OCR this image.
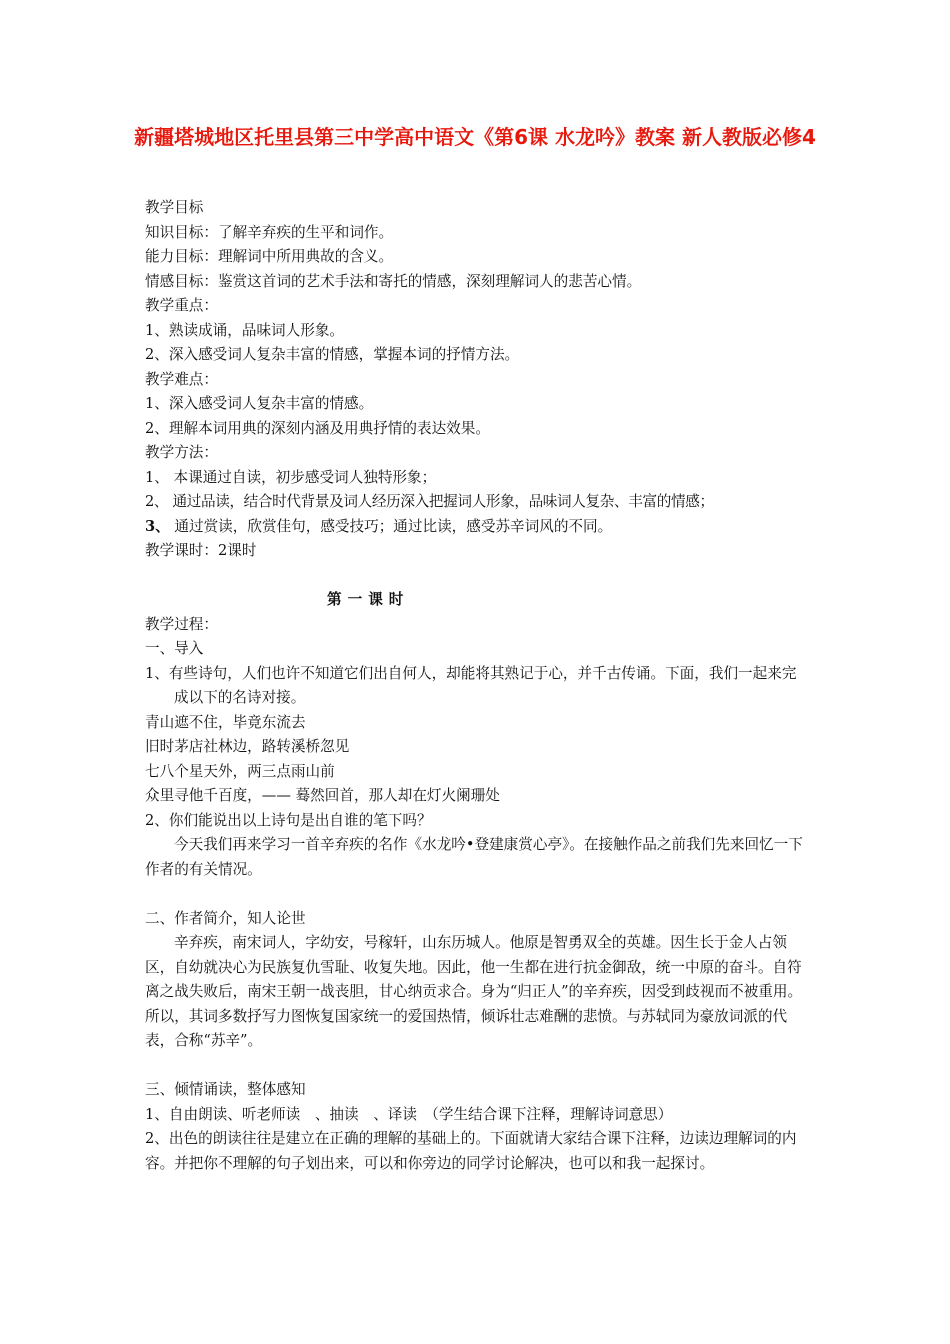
新疆塔城地区托里县第三中学高中语文《第6课 水龙吟》教案 新人教版必修4
教学目标
知识目标：了解辛弃疾的生平和词作。
能力目标：理解词中所用典故的含义。
情感目标：鉴赏这首词的艺术手法和寄托的情感，深刻理解词人的悲苦心情。
教学重点：
1、熟读成诵，品味词人形象。
2、深入感受词人复杂丰富的情感，掌握本词的抒情方法。
教学难点：
1、深入感受词人复杂丰富的情感。
2、理解本词用典的深刻内涵及用典抒情的表达效果。
教学方法：
1、 本课通过自读，初步感受词人独特形象；
2、 通过品读，结合时代背景及词人经历深入把握词人形象，品味词人复杂、丰富的情感；
3、 通过赏读，欣赏佳句，感受技巧；通过比读，感受苏辛词风的不同。
教学课时：2课时
第一课时
教学过程：
一、导入
1、有些诗句，人们也许不知道它们出自何人，却能将其熟记于心，并千古传诵。下面，我们一起来完成以下的名诗对接。
青山遮不住，毕竟东流去
旧时茅店社林边，路转溪桥忽见
七八个星天外，两三点雨山前
众里寻他千百度，—— 蓦然回首，那人却在灯火阑珊处
2、你们能说出以上诗句是出自谁的笔下吗？
今天我们再来学习一首辛弃疾的名作《水龙吟•登建康赏心亭》。在接触作品之前我们先来回忆一下作者的有关情况。
二、作者简介，知人论世
辛弃疾，南宋词人，字幼安，号稼轩，山东历城人。他原是智勇双全的英雄。因生长于金人占领区，自幼就决心为民族复仇雪耻、收复失地。因此，他一生都在进行抗金御敌，统一中原的奋斗。自符离之战失败后，南宋王朝一战丧胆，甘心纳贡求合。身为“归正人”的辛弃疾，因受到歧视而不被重用。所以，其词多数抒写力图恢复国家统一的爱国热情，倾诉壮志难酬的悲愤。与苏轼同为豪放词派的代表，合称“苏辛”。
三、倾情诵读，整体感知
1、自由朗读、听老师读　、抽读　、译读　（学生结合课下注释，理解诗词意思）
2、出色的朗读往往是建立在正确的理解的基础上的。下面就请大家结合课下注释，边读边理解词的内容。并把你不理解的句子划出来，可以和你旁边的同学讨论解决，也可以和我一起探讨。
